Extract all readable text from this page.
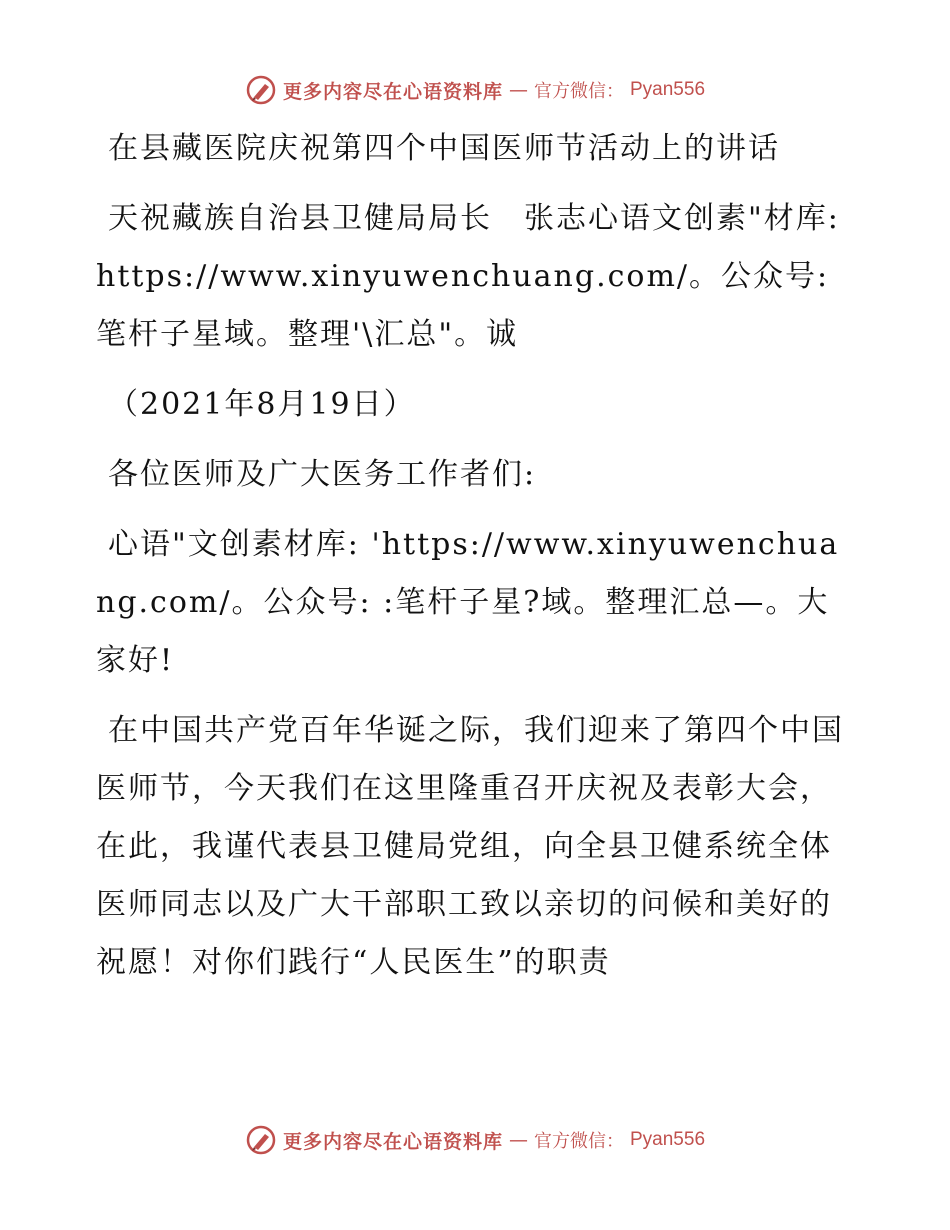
更多内容尽在心语资料库 — 官方微信： Pyan556

在县藏医院庆祝第四个中国医师节活动上的讲话

天祝藏族自治县卫健局局长　张志心语文创素"材库: https://www.xinyuwenchuang.com/。公众号: 笔杆子星域。整理'\汇总"。诚

（2021年8月19日）

各位医师及广大医务工作者们:

心语"文创素材库: 'https://www.xinyuwenchuang.com/。公众号: :笔杆子星?域。整理汇总—。大家好!

在中国共产党百年华诞之际，我们迎来了第四个中国医师节，今天我们在这里隆重召开庆祝及表彰大会，在此，我谨代表县卫健局党组，向全县卫健系统全体医师同志以及广大干部职工致以亲切的问候和美好的祝愿！对你们践行“人民医生”的职责

更多内容尽在心语资料库 — 官方微信： Pyan556
